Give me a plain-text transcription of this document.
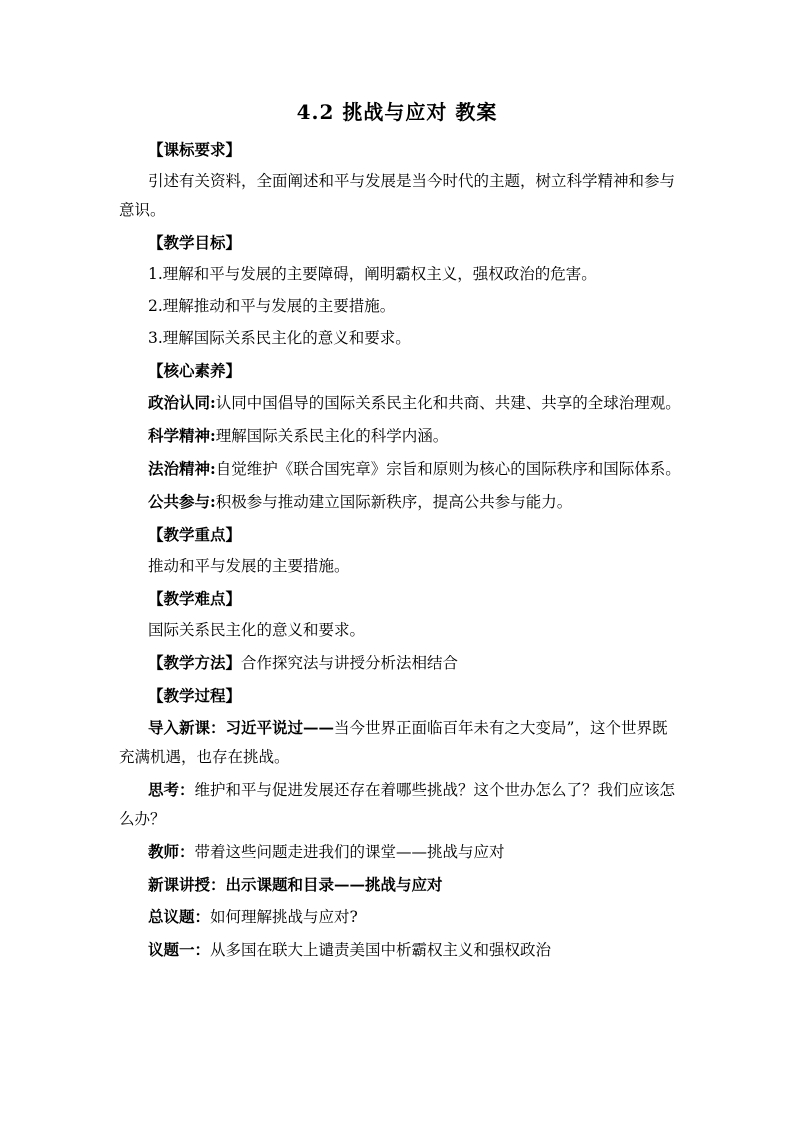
4.2 挑战与应对 教案

【课标要求】

引述有关资料，全面阐述和平与发展是当今时代的主题，树立科学精神和参与意识。

【教学目标】

1.理解和平与发展的主要障碍，阐明霸权主义，强权政治的危害。

2.理解推动和平与发展的主要措施。

3.理解国际关系民主化的意义和要求。

【核心素养】

政治认同:认同中国倡导的国际关系民主化和共商、共建、共享的全球治理观。

科学精神:理解国际关系民主化的科学内涵。

法治精神:自觉维护《联合国宪章》宗旨和原则为核心的国际秩序和国际体系。

公共参与:积极参与推动建立国际新秩序，提高公共参与能力。

【教学重点】

推动和平与发展的主要措施。

【教学难点】

国际关系民主化的意义和要求。

【教学方法】合作探究法与讲授分析法相结合

【教学过程】

导入新课：习近平说过——当今世界正面临百年未有之大变局”，这个世界既充满机遇，也存在挑战。

思考：维护和平与促进发展还存在着哪些挑战？这个世办怎么了？我们应该怎么办？

教师：带着这些问题走进我们的课堂——挑战与应对

新课讲授：出示课题和目录——挑战与应对

总议题：如何理解挑战与应对?

议题一：从多国在联大上谴责美国中析霸权主义和强权政治
